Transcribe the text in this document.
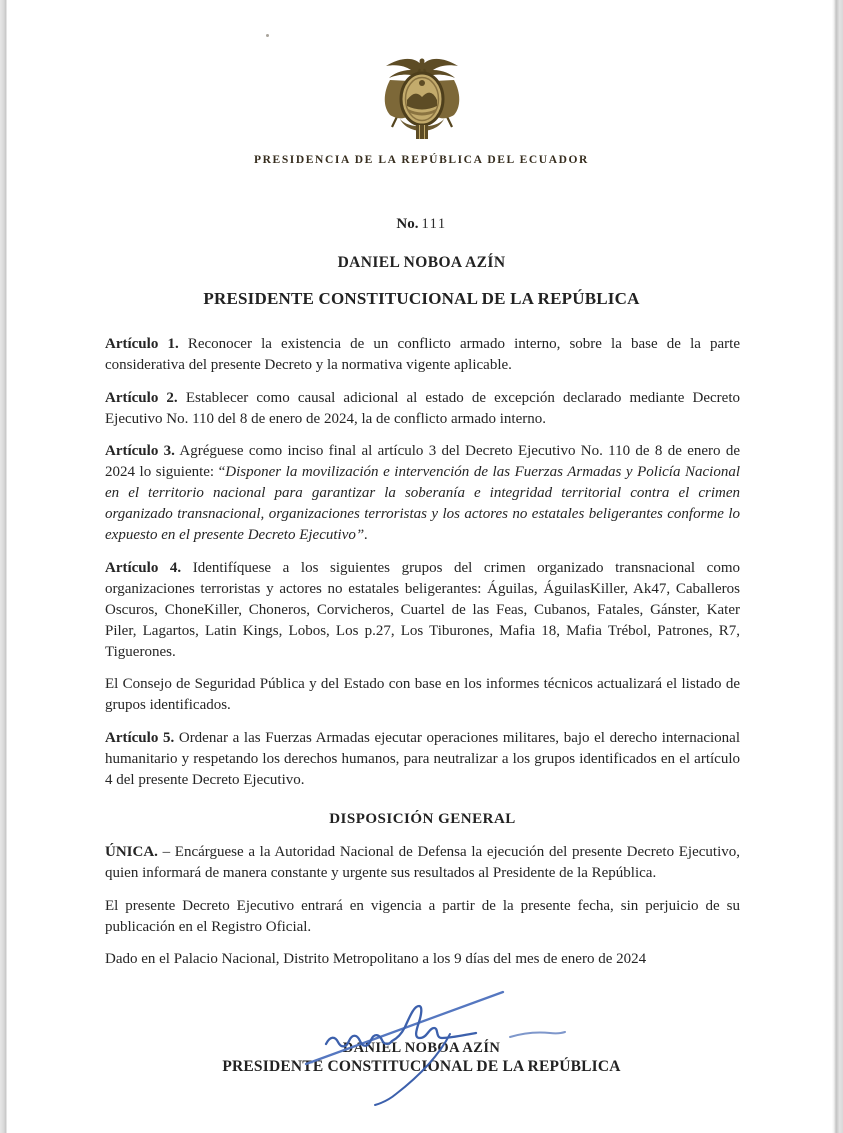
PRESIDENCIA DE LA REPÚBLICA DEL ECUADOR
No. 111

DANIEL NOBOA AZÍN

PRESIDENTE CONSTITUCIONAL DE LA REPÚBLICA

Artículo 1. Reconocer la existencia de un conflicto armado interno, sobre la base de la parte considerativa del presente Decreto y la normativa vigente aplicable.

Artículo 2. Establecer como causal adicional al estado de excepción declarado mediante Decreto Ejecutivo No. 110 del 8 de enero de 2024, la de conflicto armado interno.

Artículo 3. Agréguese como inciso final al artículo 3 del Decreto Ejecutivo No. 110 de 8 de enero de 2024 lo siguiente: “Disponer la movilización e intervención de las Fuerzas Armadas y Policía Nacional en el territorio nacional para garantizar la soberanía e integridad territorial contra el crimen organizado transnacional, organizaciones terroristas y los actores no estatales beligerantes conforme lo expuesto en el presente Decreto Ejecutivo”.

Artículo 4. Identifíquese a los siguientes grupos del crimen organizado transnacional como organizaciones terroristas y actores no estatales beligerantes: Águilas, ÁguilasKiller, Ak47, Caballeros Oscuros, ChoneKiller, Choneros, Corvicheros, Cuartel de las Feas, Cubanos, Fatales, Gánster, Kater Piler, Lagartos, Latin Kings, Lobos, Los p.27, Los Tiburones, Mafia 18, Mafia Trébol, Patrones, R7, Tiguerones.

El Consejo de Seguridad Pública y del Estado con base en los informes técnicos actualizará el listado de grupos identificados.

Artículo 5. Ordenar a las Fuerzas Armadas ejecutar operaciones militares, bajo el derecho internacional humanitario y respetando los derechos humanos, para neutralizar a los grupos identificados en el artículo 4 del presente Decreto Ejecutivo.

DISPOSICIÓN GENERAL

ÚNICA. – Encárguese a la Autoridad Nacional de Defensa la ejecución del presente Decreto Ejecutivo, quien informará de manera constante y urgente sus resultados al Presidente de la República.

El presente Decreto Ejecutivo entrará en vigencia a partir de la presente fecha, sin perjuicio de su publicación en el Registro Oficial.

Dado en el Palacio Nacional, Distrito Metropolitano a los 9 días del mes de enero de 2024

DANIEL NOBOA AZÍN

PRESIDENTE CONSTITUCIONAL DE LA REPÚBLICA
